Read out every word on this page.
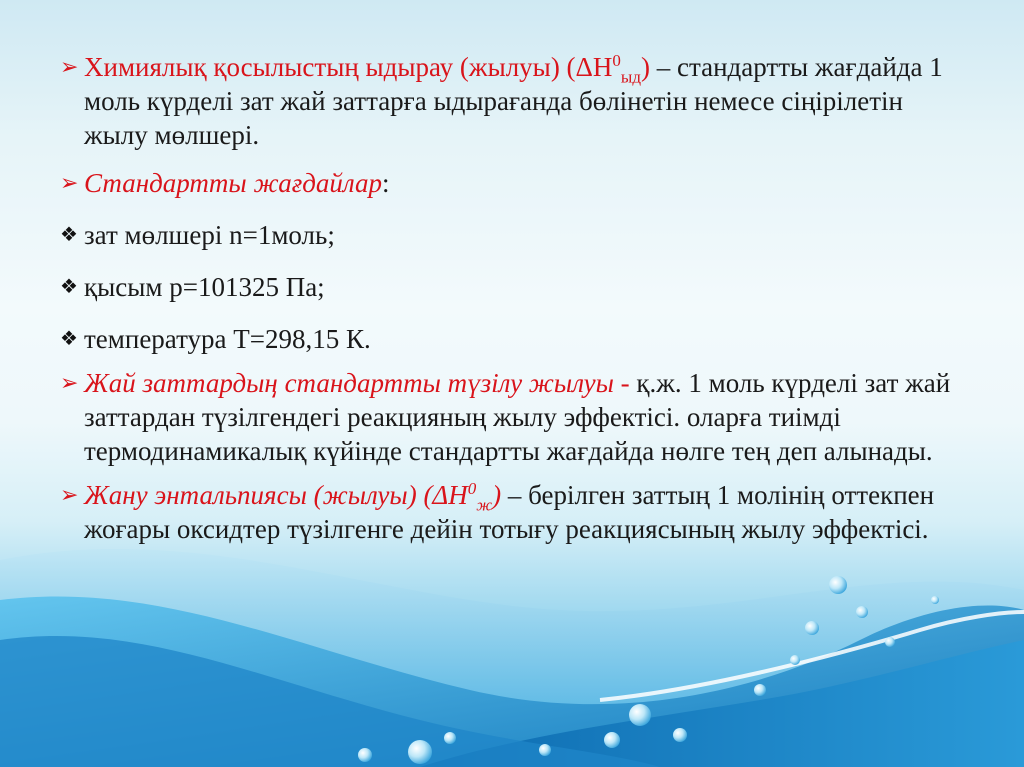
➢ Химиялық қосылыстың ыдырау (жылуы) $(\Delta H^0_{ыд})$ – стандартты жағдайда 1 моль күрделі зат жай заттарға ыдырағанда бөлінетін немесе сіңірілетін жылу мөлшері.

➢ Стандартты жағдайлар:

❖ зат мөлшері n=1моль;

❖ қысым p=101325 Па;

❖ температура T=298,15 К.

➢ Жай заттардың стандартты түзілу жылуы - қ.ж. 1 моль күрделі зат жай заттардан түзілгендегі реакцияның жылу эффектісі. оларға тиімді термодинамикалық күйінде стандартты жағдайда нөлге тең деп алынады.

➢ Жану энтальпиясы (жылуы) $(\Delta H^0_ж)$ – берілген заттың 1 молінің оттекпен жоғары оксидтер түзілгенге дейін тотығу реакциясының жылу эффектісі.
